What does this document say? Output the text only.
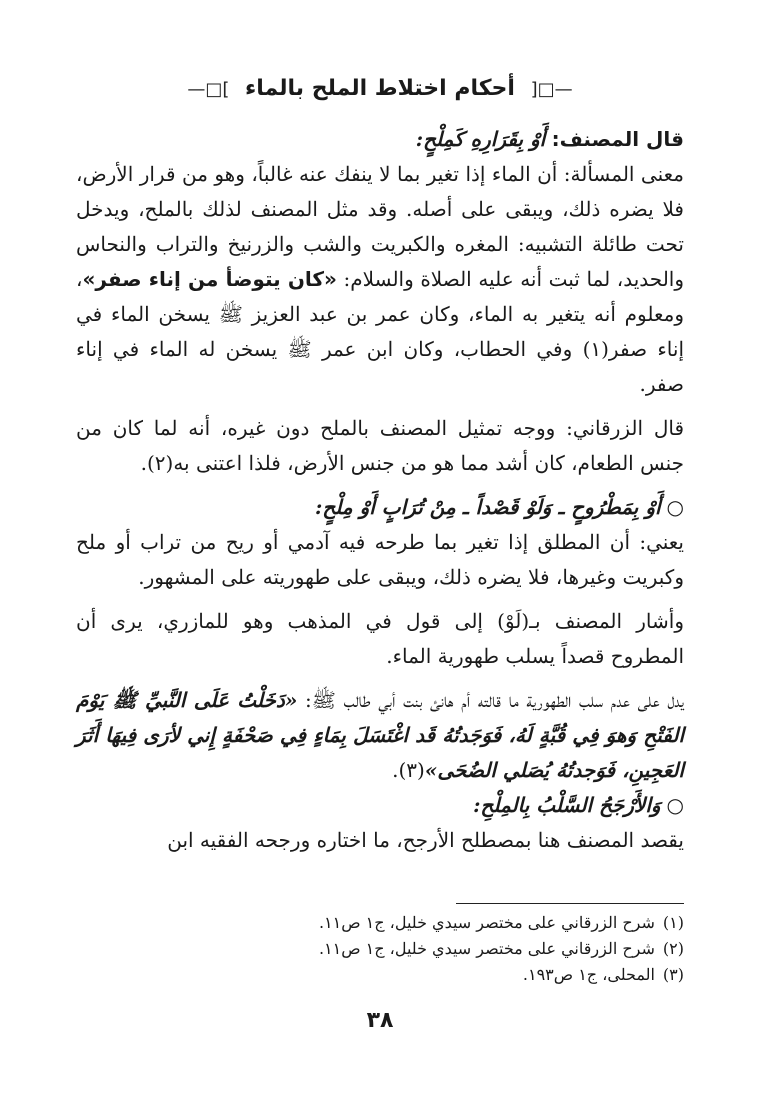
—□[ أحكام اختلاط الملح بالماء ]□—

قال المصنف: أَوْ بِقَرَارِهِ كَمِلْحٍ:

معنى المسألة: أن الماء إذا تغير بما لا ينفك عنه غالباً، وهو من قرار الأرض، فلا يضره ذلك، ويبقى على أصله. وقد مثل المصنف لذلك بالملح، ويدخل تحت طائلة التشبيه: المغره والكبريت والشب والزرنيخ والتراب والنحاس والحديد، لما ثبت أنه عليه الصلاة والسلام: «كان يتوضأ من إناء صفر»، ومعلوم أنه يتغير به الماء، وكان عمر بن عبد العزيز ﷺ يسخن الماء في إناء صفر(١) وفي الحطاب، وكان ابن عمر ﷺ يسخن له الماء في إناء صفر.

قال الزرقاني: ووجه تمثيل المصنف بالملح دون غيره، أنه لما كان من جنس الطعام، كان أشد مما هو من جنس الأرض، فلذا اعتنى به(٢).

○أَوْ بِمَطْرُوحٍ ـ وَلَوْ قَصْداً ـ مِنْ تُرَابٍ أَوْ مِلْحٍ:

يعني: أن المطلق إذا تغير بما طرحه فيه آدمي أو ريح من تراب أو ملح وكبريت وغيرها، فلا يضره ذلك، ويبقى على طهوريته على المشهور.

وأشار المصنف بـ(لَوْ) إلى قول في المذهب وهو للمازري، يرى أن المطروح قصداً يسلب طهورية الماء.

يدل على عدم سلب الطهورية ما قالته أم هانئ بنت أبي طالب ﷺ: «دَخَلْتُ عَلَى النَّبيِّ ﷺ يَوْمَ الفَتْحِ وَهوَ فِي قُبَّةٍ لَهُ، فَوَجَدتُهُ قَد اغْتَسَلَ بِمَاءٍ فِي صَحْفَةٍ إِني لأرَى فِيهَا أَثَرَ العَجِينِ، فَوَجدتُهُ يُصَلي الضُحَى»(٣).

○وَالأَرْجَحُ السَّلْبُ بِالمِلْحِ:

يقصد المصنف هنا بمصطلح الأرجح، ما اختاره ورجحه الفقيه ابن

(١)شرح الزرقاني على مختصر سيدي خليل، ج١ ص١١.
(٢)شرح الزرقاني على مختصر سيدي خليل، ج١ ص١١.
(٣)المحلى، ج١ ص١٩٣.
٣٨
